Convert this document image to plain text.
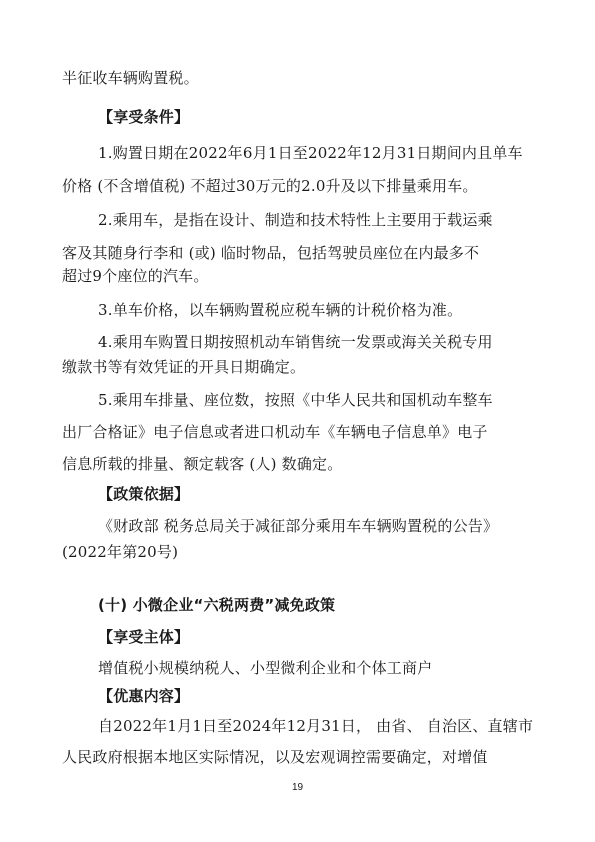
半征收车辆购置税。
【享受条件】
1.购置日期在2022年6月1日至2022年12月31日期间内且单车
价格 (不含增值税) 不超过30万元的2.0升及以下排量乘用车。
2.乘用车，是指在设计、制造和技术特性上主要用于载运乘
客及其随身行李和 (或) 临时物品，包括驾驶员座位在内最多不
超过9个座位的汽车。
3.单车价格，以车辆购置税应税车辆的计税价格为准。
4.乘用车购置日期按照机动车销售统一发票或海关关税专用
缴款书等有效凭证的开具日期确定。
5.乘用车排量、座位数，按照《中华人民共和国机动车整车
出厂合格证》电子信息或者进口机动车《车辆电子信息单》电子
信息所载的排量、额定载客 (人) 数确定。
【政策依据】
《财政部 税务总局关于减征部分乘用车车辆购置税的公告》
(2022年第20号)
(十) 小微企业“六税两费”减免政策
【享受主体】
增值税小规模纳税人、小型微利企业和个体工商户
【优惠内容】
自2022年1月1日至2024年12月31日， 由省、 自治区、直辖市
人民政府根据本地区实际情况，以及宏观调控需要确定，对增值
19
